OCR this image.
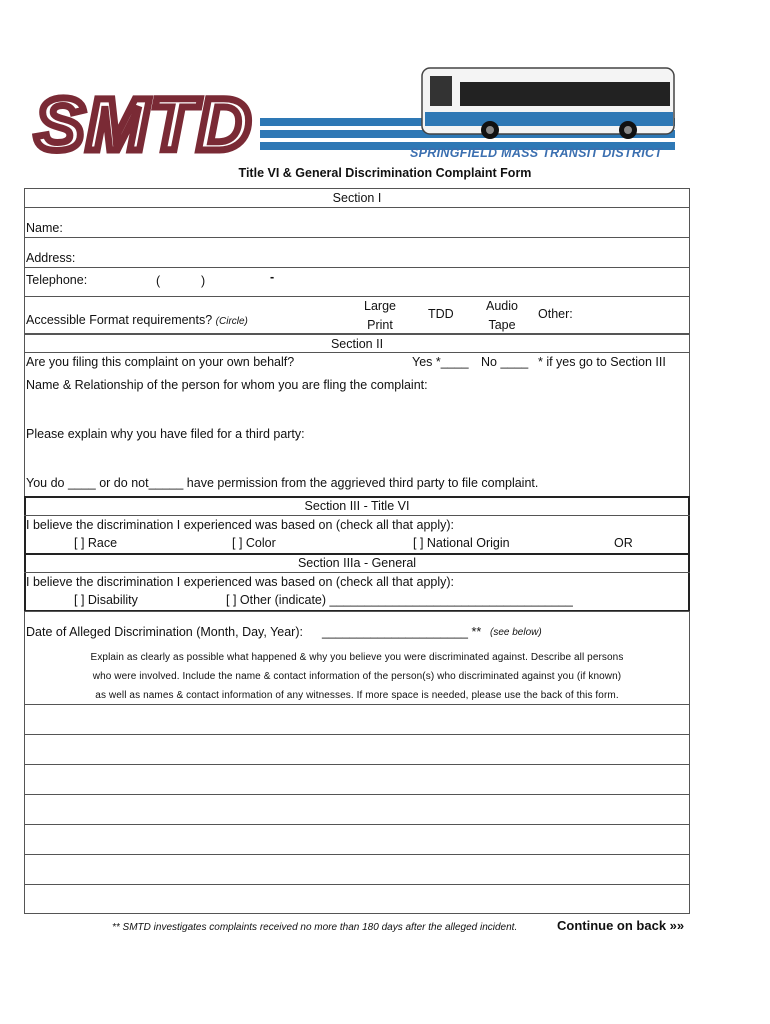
SMTD	SPRINGFIELD MASS TRANSIT DISTRICT
Title VI & General Discrimination Complaint Form
Section I
Name:
Address:
Telephone:	(	)	-
Accessible Format requirements? (Circle)
Large
Print
TDD
Audio
Tape
Other:
Section II
Are you filing this complaint on your own behalf?	Yes *____ No ____ * if yes go to Section III
Name & Relationship of the person for whom you are fling the complaint:
Please explain why you have filed for a third party:
You do ____ or do not_____ have permission from the aggrieved third party to file complaint.
Section III - Title VI
I believe the discrimination I experienced was based on (check all that apply):
[ ] Race	[ ] Color	[ ] National Origin	OR
Section IIIa - General
I believe the discrimination I experienced was based on (check all that apply):
[ ] Disability	[ ] Other (indicate) ___________________________________
Date of Alleged Discrimination (Month, Day, Year): _____________________ ** (see below)
Explain as clearly as possible what happened & why you believe you were discriminated against. Describe all persons
who were involved. Include the name & contact information of the person(s) who discriminated against you (if known)
as well as names & contact information of any witnesses. If more space is needed, please use the back of this form.
** SMTD investigates complaints received no more than 180 days after the alleged incident.	Continue on back »»
